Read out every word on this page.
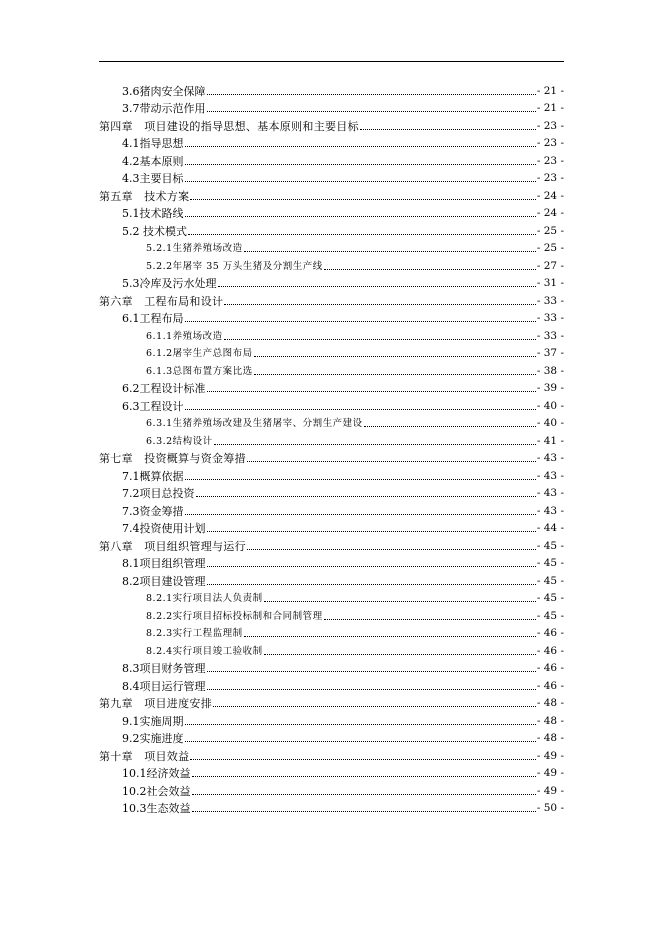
3.6猪肉安全保障	- 21 -
3.7带动示范作用	- 21 -
第四章　项目建设的指导思想、基本原则和主要目标	- 23 -
4.1指导思想	- 23 -
4.2基本原则	- 23 -
4.3主要目标	- 23 -
第五章　技术方案	- 24 -
5.1技术路线	- 24 -
5.2 技术模式	- 25 -
5.2.1生猪养殖场改造	- 25 -
5.2.2年屠宰 35 万头生猪及分割生产线	- 27 -
5.3冷库及污水处理	- 31 -
第六章　工程布局和设计	- 33 -
6.1工程布局	- 33 -
6.1.1养殖场改造	- 33 -
6.1.2屠宰生产总图布局	- 37 -
6.1.3总图布置方案比选	- 38 -
6.2工程设计标准	- 39 -
6.3工程设计	- 40 -
6.3.1生猪养殖场改建及生猪屠宰、分割生产建设	- 40 -
6.3.2结构设计	- 41 -
第七章　投资概算与资金筹措	- 43 -
7.1概算依据	- 43 -
7.2项目总投资	- 43 -
7.3资金筹措	- 43 -
7.4投资使用计划	- 44 -
第八章　项目组织管理与运行	- 45 -
8.1项目组织管理	- 45 -
8.2项目建设管理	- 45 -
8.2.1实行项目法人负责制	- 45 -
8.2.2实行项目招标投标制和合同制管理	- 45 -
8.2.3实行工程监理制	- 46 -
8.2.4实行项目竣工验收制	- 46 -
8.3项目财务管理	- 46 -
8.4项目运行管理	- 46 -
第九章　项目进度安排	- 48 -
9.1实施周期	- 48 -
9.2实施进度	- 48 -
第十章　项目效益	- 49 -
10.1经济效益	- 49 -
10.2社会效益	- 49 -
10.3生态效益	- 50 -
